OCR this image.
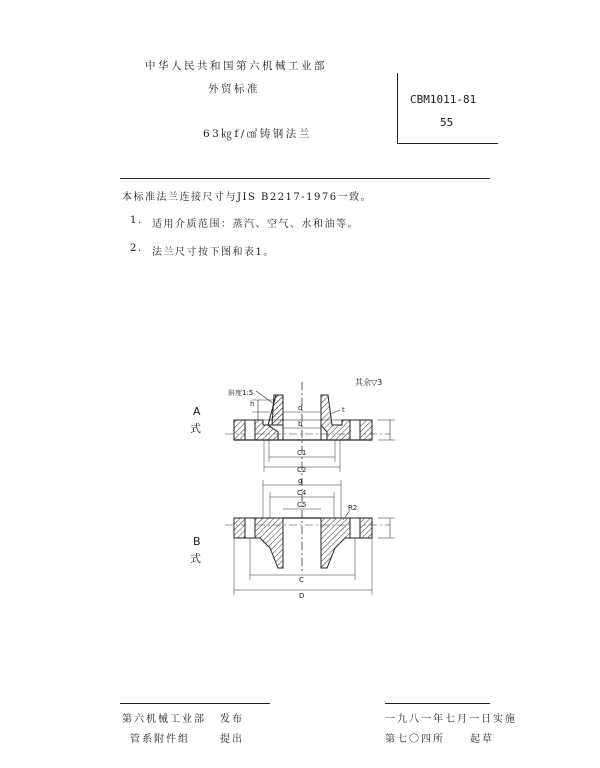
中华人民共和国第六机械工业部
外贸标准
63㎏f/㎠铸钢法兰
CBM1011-81
55
本标准法兰连接尺寸与JIS B2217-1976一致。
1. 适用介质范围：蒸汽、空气、水和油等。
2. 法兰尺寸按下图和表1。
A
式
B
式
其余▽3
斜度1:5
d
b
t
h
C1
C2
g
C4
C5	R2
C
D
第六机械工业部 发布
管系附件组	提出
一九八一年七月一日实施
第七〇四所	起草
